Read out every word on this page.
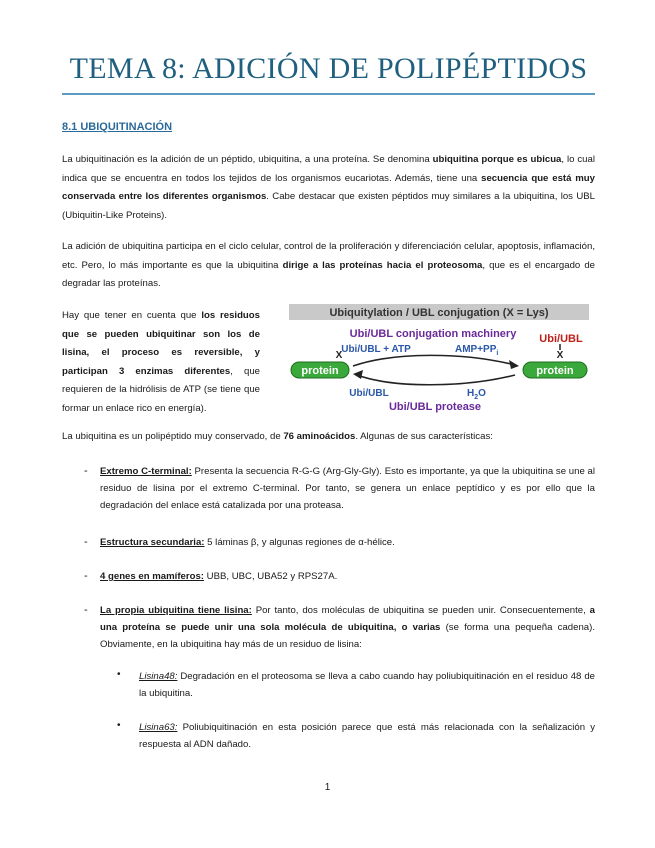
TEMA 8: ADICIÓN DE POLIPÉPTIDOS
8.1 UBIQUITINACIÓN

La ubiquitinación es la adición de un péptido, ubiquitina, a una proteína. Se denomina ubiquitina porque es ubicua, lo cual indica que se encuentra en todos los tejidos de los organismos eucariotas. Además, tiene una secuencia que está muy conservada entre los diferentes organismos. Cabe destacar que existen péptidos muy similares a la ubiquitina, los UBL (Ubiquitin-Like Proteins).

La adición de ubiquitina participa en el ciclo celular, control de la proliferación y diferenciación celular, apoptosis, inflamación, etc. Pero, lo más importante es que la ubiquitina dirige a las proteínas hacia el proteosoma, que es el encargado de degradar las proteínas.

Hay que tener en cuenta que los residuos que se pueden ubiquitinar son los de lisina, el proceso es reversible, y participan 3 enzimas diferentes, que requieren de la hidrólisis de ATP (se tiene que formar un enlace rico en energía).

Ubiquitylation / UBL conjugation (X = Lys)
Ubi/UBL conjugation machinery
Ubi/UBL + ATP	$AMP+PP_i$
Ubi/UBL
X	X
protein	protein
Ubi/UBL	$H_2O$
Ubi/UBL protease

La ubiquitina es un polipéptido muy conservado, de 76 aminoácidos. Algunas de sus características:

- Extremo C-terminal: Presenta la secuencia R-G-G (Arg-Gly-Gly). Esto es importante, ya que la ubiquitina se une al residuo de lisina por el extremo C-terminal. Por tanto, se genera un enlace peptídico y es por ello que la degradación del enlace está catalizada por una proteasa.

- Estructura secundaria: 5 láminas β, y algunas regiones de α-hélice.

- 4 genes en mamíferos: UBB, UBC, UBA52 y RPS27A.

- La propia ubiquitina tiene lisina: Por tanto, dos moléculas de ubiquitina se pueden unir. Consecuentemente, a una proteína se puede unir una sola molécula de ubiquitina, o varias (se forma una pequeña cadena). Obviamente, en la ubiquitina hay más de un residuo de lisina:

• Lisina48: Degradación en el proteosoma se lleva a cabo cuando hay poliubiquitinación en el residuo 48 de la ubiquitina.

• Lisina63: Poliubiquitinación en esta posición parece que está más relacionada con la señalización y respuesta al ADN dañado.

1
